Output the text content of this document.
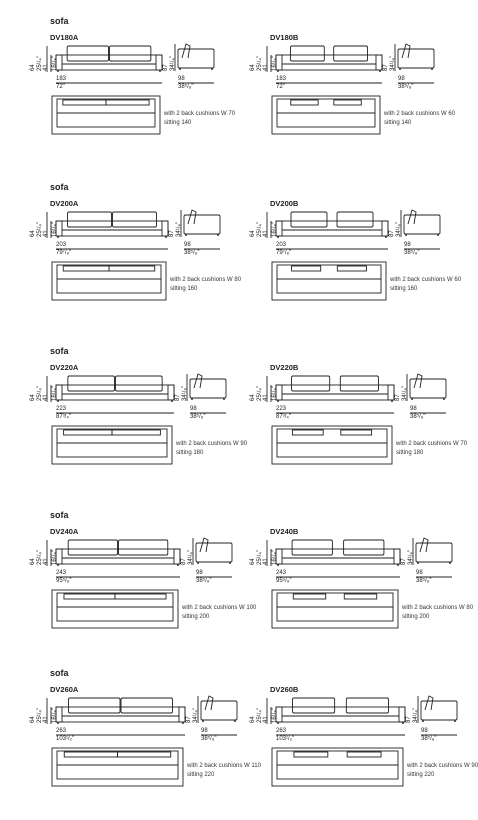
sofa
DV180A
64 25¹/₄" 41 16¹/₈"
183
72"
87 34¹/₄"
98
38⁵/₈"
with 2 back cushions W 70
sitting 140
DV180B
64 25¹/₄" 41 16¹/₈"
183
72"
87 34¹/₄"
98
38⁵/₈"
with 2 back cushions W 60
sitting 140
sofa
DV200A
64 25¹/₄" 41 16¹/₈"
203
79⁷/₈"
87 34¹/₄"
98
38⁵/₈"
with 2 back cushions W 80
sitting 160
DV200B
64 25¹/₄" 41 16¹/₈"
203
79⁷/₈"
87 34¹/₄"
98
38⁵/₈"
with 2 back cushions W 60
sitting 160
sofa
DV220A
64 25¹/₄" 41 16¹/₈"
223
87³/₄"
87 34¹/₄"
98
38⁵/₈"
with 2 back cushions W 90
sitting 180
DV220B
64 25¹/₄" 41 16¹/₈"
223
87³/₄"
87 34¹/₄"
98
38⁵/₈"
with 2 back cushions W 70
sitting 180
sofa
DV240A
64 25¹/₄" 41 16¹/₈"
243
95⁵/₈"
87 34¹/₄"
98
38⁵/₈"
with 2 back cushions W 100
sitting 200
DV240B
64 25¹/₄" 41 16¹/₈"
243
95⁵/₈"
87 34¹/₄"
98
38⁵/₈"
with 2 back cushions W 80
sitting 200
sofa
DV260A
64 25¹/₄" 41 16¹/₈"
263
103¹/₂"
87 34¹/₄"
98
38⁵/₈"
with 2 back cushions W 110
sitting 220
DV260B
64 25¹/₄" 41 16¹/₈"
263
103¹/₂"
87 34¹/₄"
98
38⁵/₈"
with 2 back cushions W 90
sitting 220
